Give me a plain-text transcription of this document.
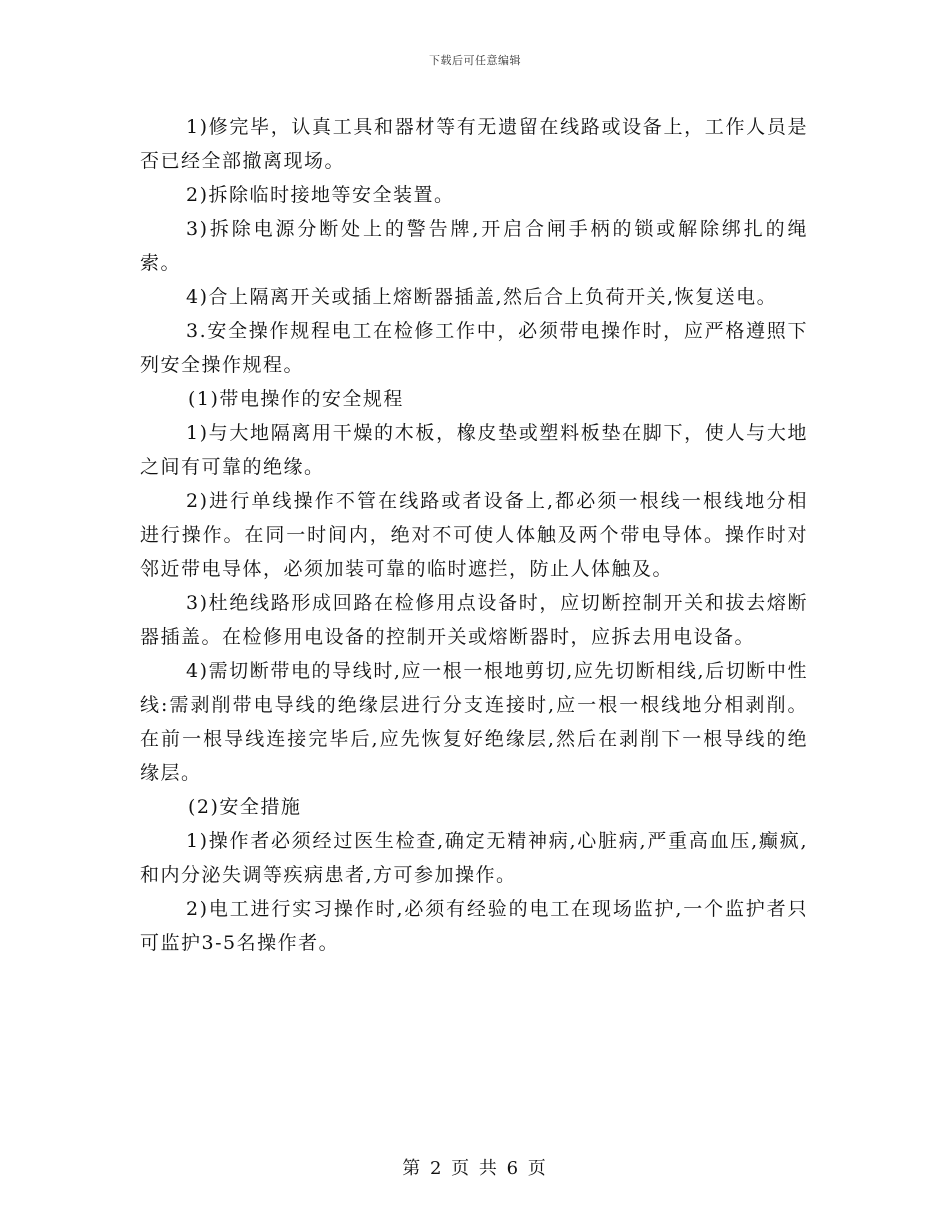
下载后可任意编辑

1)修完毕，认真工具和器材等有无遗留在线路或设备上，工作人员是否已经全部撤离现场。

2)拆除临时接地等安全装置。

3)拆除电源分断处上的警告牌,开启合闸手柄的锁或解除绑扎的绳索。

4)合上隔离开关或插上熔断器插盖,然后合上负荷开关,恢复送电。

3.安全操作规程电工在检修工作中，必须带电操作时，应严格遵照下列安全操作规程。

(1)带电操作的安全规程

1)与大地隔离用干燥的木板，橡皮垫或塑料板垫在脚下，使人与大地之间有可靠的绝缘。

2)进行单线操作不管在线路或者设备上,都必须一根线一根线地分相进行操作。在同一时间内，绝对不可使人体触及两个带电导体。操作时对邻近带电导体，必须加装可靠的临时遮拦，防止人体触及。

3)杜绝线路形成回路在检修用点设备时，应切断控制开关和拔去熔断器插盖。在检修用电设备的控制开关或熔断器时，应拆去用电设备。

4)需切断带电的导线时,应一根一根地剪切,应先切断相线,后切断中性线:需剥削带电导线的绝缘层进行分支连接时,应一根一根线地分相剥削。在前一根导线连接完毕后,应先恢复好绝缘层,然后在剥削下一根导线的绝缘层。

(2)安全措施

1)操作者必须经过医生检查,确定无精神病,心脏病,严重高血压,癫疯,和内分泌失调等疾病患者,方可参加操作。

2)电工进行实习操作时,必须有经验的电工在现场监护,一个监护者只可监护3-5名操作者。

第 2 页 共 6 页
